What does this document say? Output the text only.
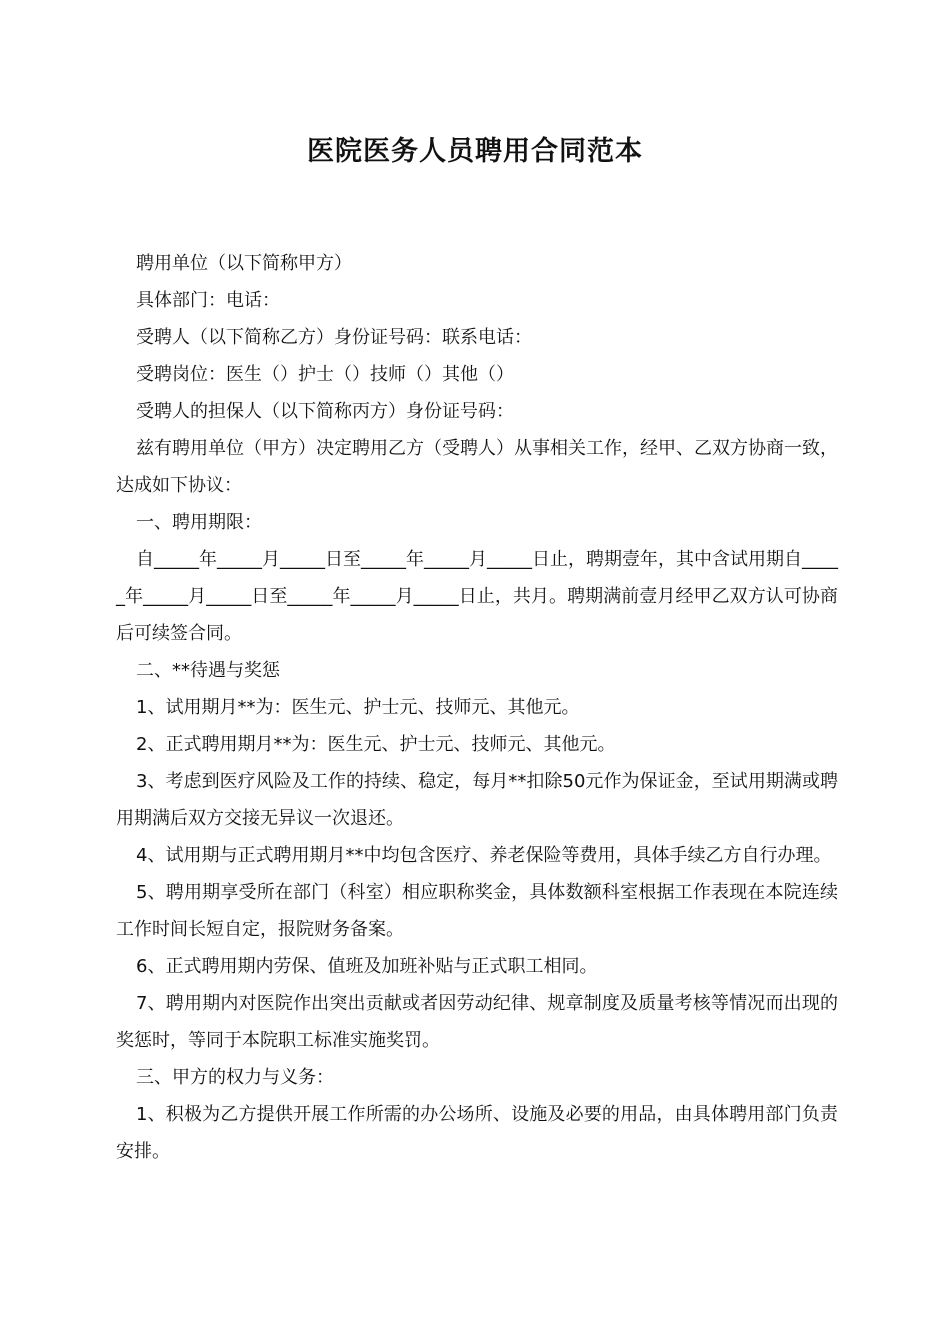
医院医务人员聘用合同范本

聘用单位（以下简称甲方）

具体部门：电话：

受聘人（以下简称乙方）身份证号码：联系电话：

受聘岗位：医生（）护士（）技师（）其他（）

受聘人的担保人（以下简称丙方）身份证号码：

兹有聘用单位（甲方）决定聘用乙方（受聘人）从事相关工作，经甲、乙双方协商一致，达成如下协议：

一、聘用期限：

自_____年_____月_____日至_____年_____月_____日止，聘期壹年，其中含试用期自_____年_____月_____日至_____年_____月_____日止，共月。聘期满前壹月经甲乙双方认可协商后可续签合同。

二、**待遇与奖惩

1、试用期月**为：医生元、护士元、技师元、其他元。

2、正式聘用期月**为：医生元、护士元、技师元、其他元。

3、考虑到医疗风险及工作的持续、稳定，每月**扣除50元作为保证金，至试用期满或聘用期满后双方交接无异议一次退还。

4、试用期与正式聘用期月**中均包含医疗、养老保险等费用，具体手续乙方自行办理。

5、聘用期享受所在部门（科室）相应职称奖金，具体数额科室根据工作表现在本院连续工作时间长短自定，报院财务备案。

6、正式聘用期内劳保、值班及加班补贴与正式职工相同。

7、聘用期内对医院作出突出贡献或者因劳动纪律、规章制度及质量考核等情况而出现的奖惩时，等同于本院职工标准实施奖罚。

三、甲方的权力与义务：

1、积极为乙方提供开展工作所需的办公场所、设施及必要的用品，由具体聘用部门负责安排。
